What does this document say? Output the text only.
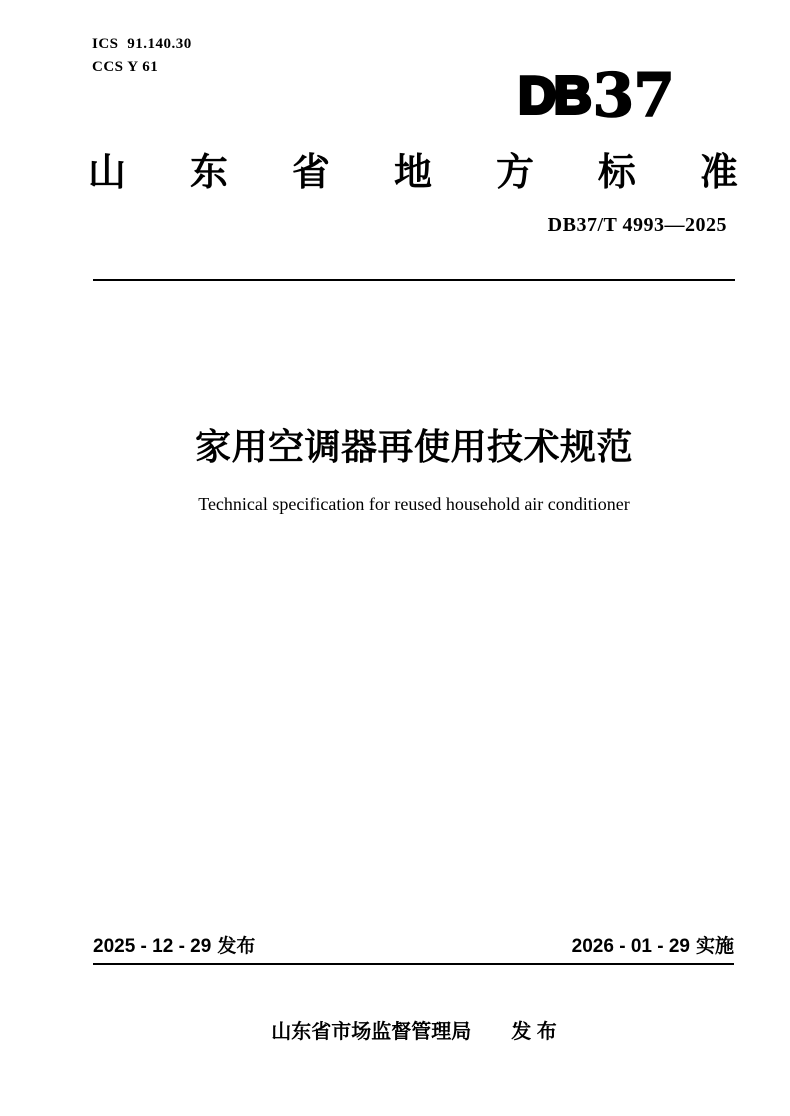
ICS 91.140.30
CCS Y 61	DB 37
山 东 省 地 方 标 准
DB37/T 4993—2025
家用空调器再使用技术规范
Technical specification for reused household air conditioner
2025 - 12 - 29 发布	2026 - 01 - 29 实施
山东省市场监督管理局 发 布
